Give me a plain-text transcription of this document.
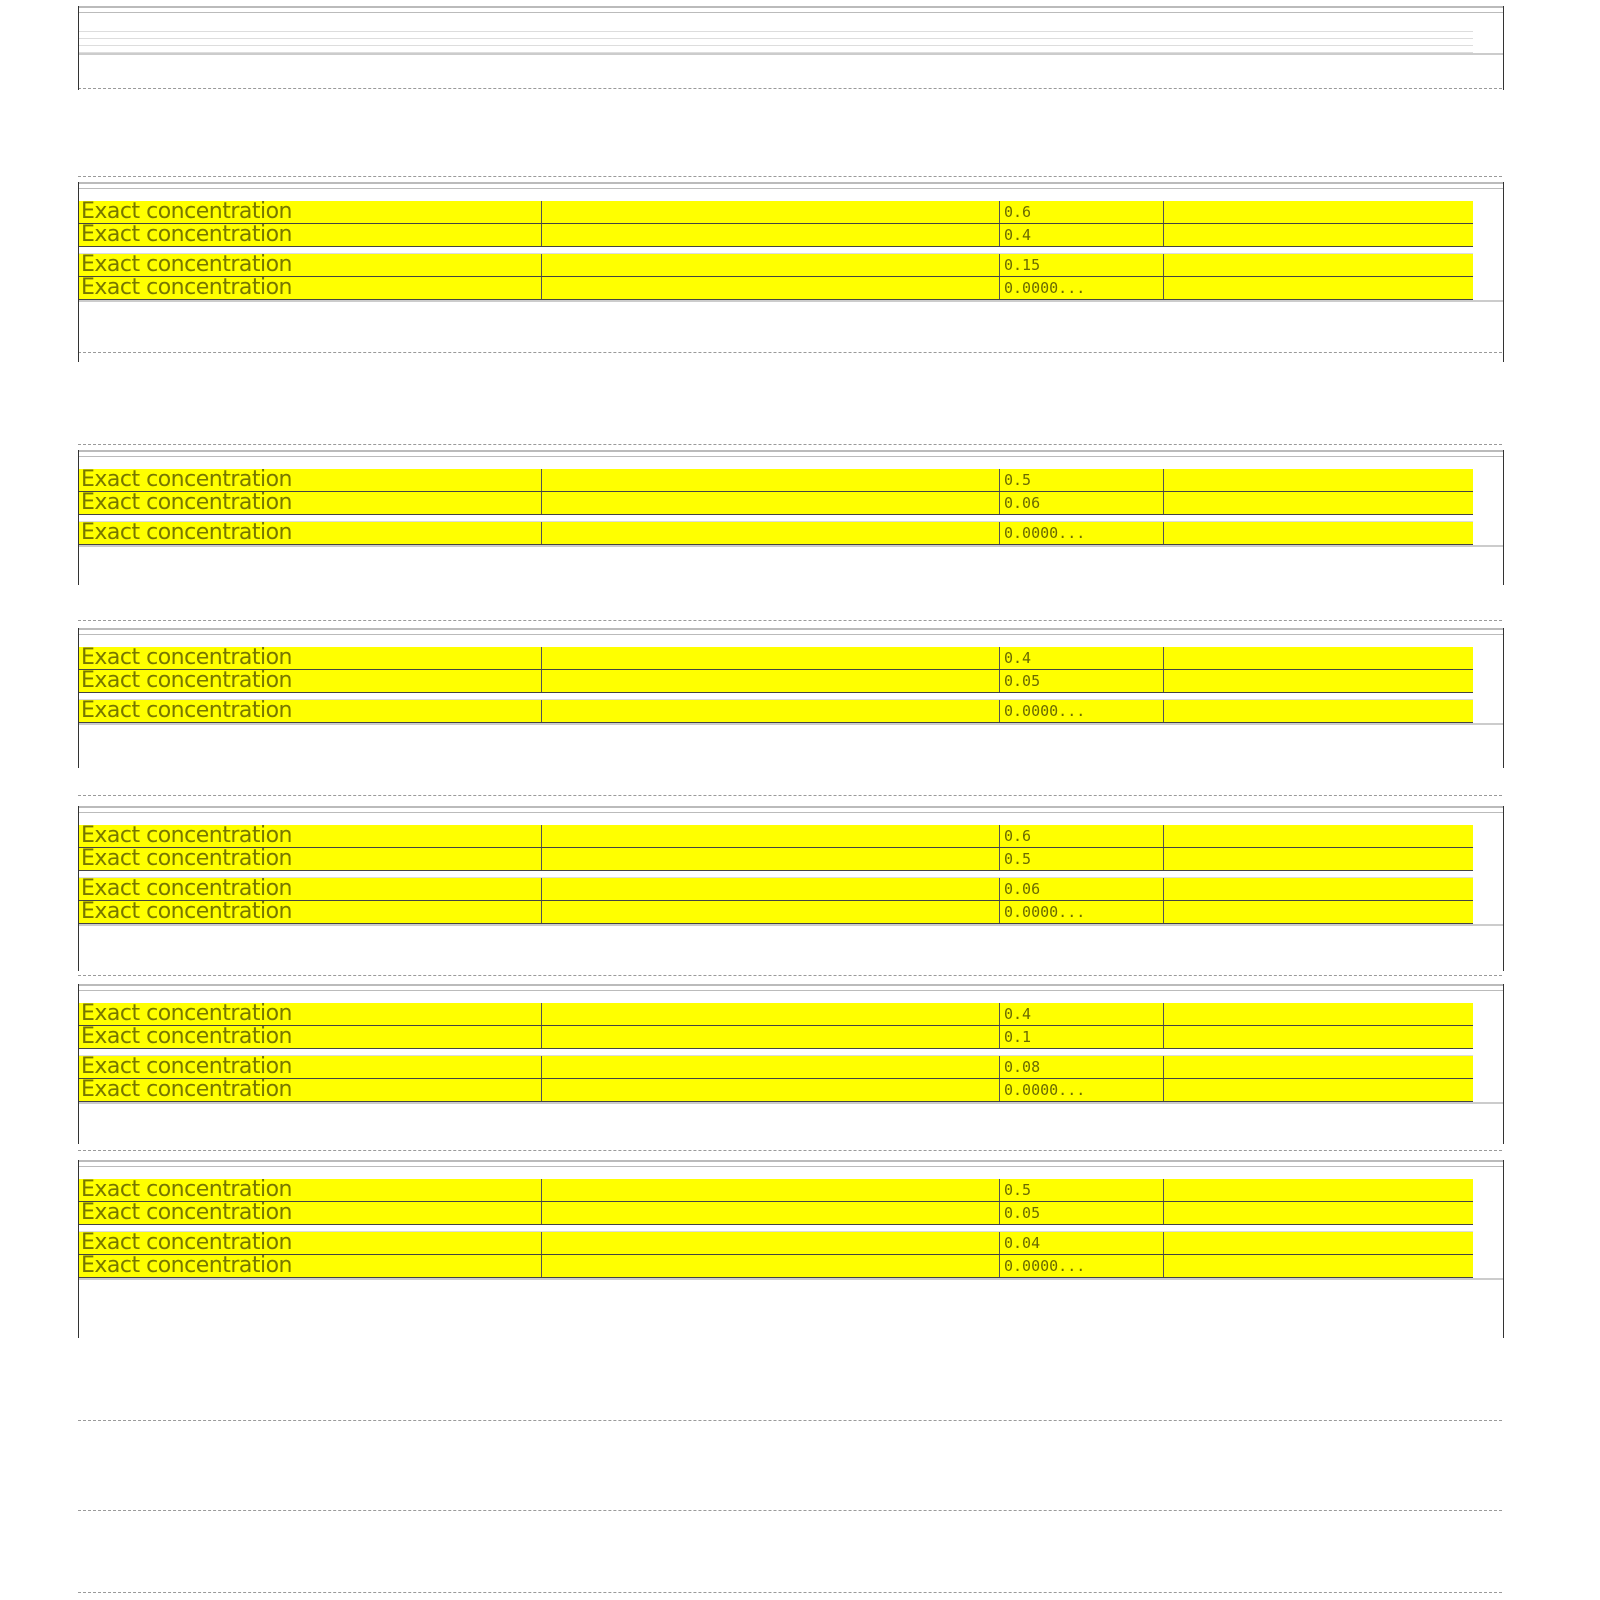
Exact concentration	0.6
Exact concentration	0.4
Exact concentration	0.15
Exact concentration	0.0000...
Exact concentration	0.5
Exact concentration	0.06
Exact concentration	0.0000...
Exact concentration	0.4
Exact concentration	0.05
Exact concentration	0.0000...
Exact concentration	0.6
Exact concentration	0.5
Exact concentration	0.06
Exact concentration	0.0000...
Exact concentration	0.4
Exact concentration	0.1
Exact concentration	0.08
Exact concentration	0.0000...
Exact concentration	0.5
Exact concentration	0.05
Exact concentration	0.04
Exact concentration	0.0000...
